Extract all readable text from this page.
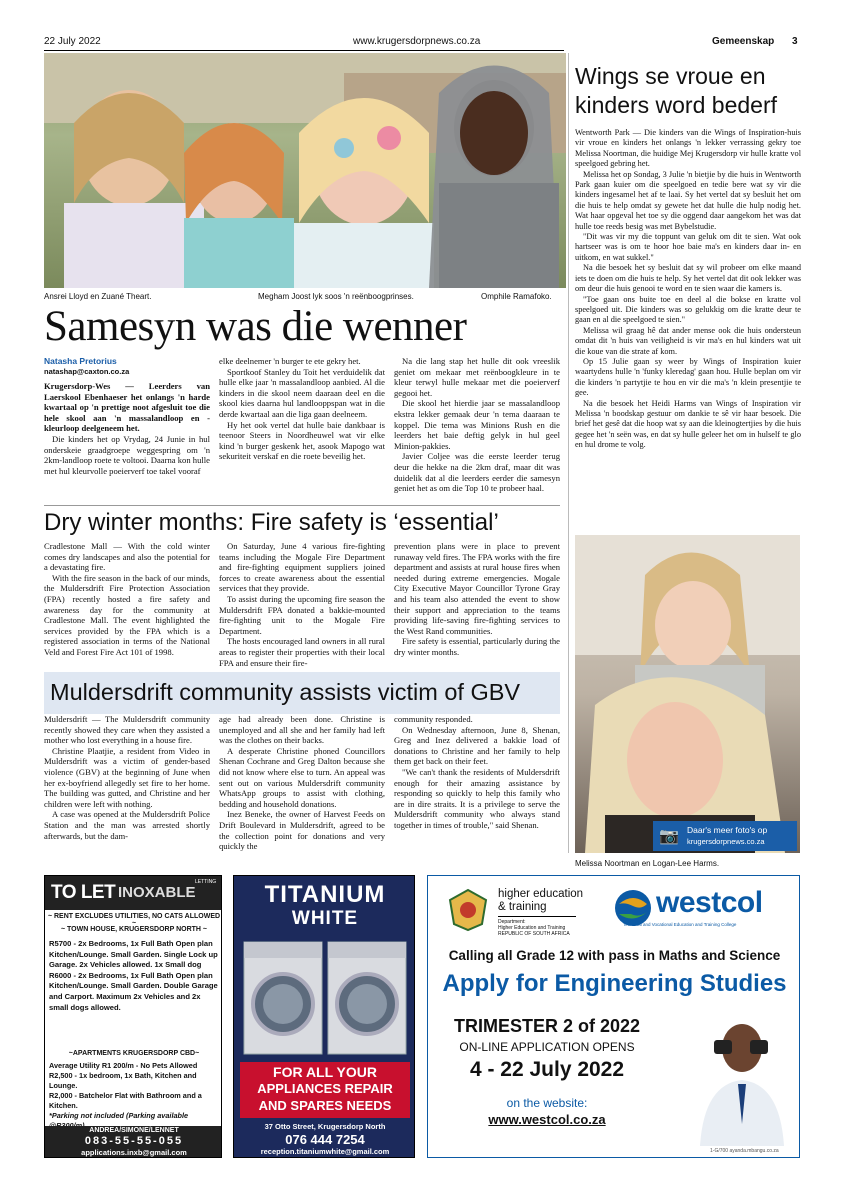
22 July 2022	www.krugersdorpnews.co.za	Gemeenskap 3
Ansrei Lloyd en Zuané Theart.	Megham Joost lyk soos 'n reënboogprinses.	Omphile Ramafoko.
Samesyn was die wenner
Natasha Pretorius
natashap@caxton.co.za

Krugersdorp-Wes — Leerders van Laerskool Ebenhaeser het onlangs 'n harde kwartaal op 'n prettige noot afgesluit toe die hele skool aan 'n massalandloop en -kleurloop deelgeneem het.

Die kinders het op Vrydag, 24 Junie in hul onderskeie graadgroepe weggespring om 'n 2km-landloop roete te voltooi. Daarna kon hulle met hul kleurvolle poeierverf toe takel vooraf

elke deelnemer 'n burger te ete gekry het.

Sportkoof Stanley du Toit het verduidelik dat hulle elke jaar 'n massalandloop aanbied. Al die kinders in die skool neem daaraan deel en die skool kies daarna hul landlooppspan wat in die derde kwartaal aan die liga gaan deelneem.

Hy het ook vertel dat hulle baie dankbaar is teenoor Steers in Noordheuwel wat vir elke kind 'n burger geskenk het, asook Mapogo wat sekuriteit verskaf en die roete beveilig het.

Na die lang stap het hulle dit ook vreeslik geniet om mekaar met reënboogkleure in te kleur terwyl hulle mekaar met die poeierverf gegooi het.

Die skool het hierdie jaar se massalandloop ekstra lekker gemaak deur 'n tema daaraan te koppel. Die tema was Minions Rush en die leerders het baie deftig gelyk in hul geel Minion-pakkies.

Javier Coljee was die eerste leerder terug deur die hekke na die 2km draf, maar dit was duidelik dat al die leerders eerder die samesyn geniet het as om die Top 10 te probeer haal.

Dry winter months: Fire safety is ‘essential’

Cradlestone Mall — With the cold winter comes dry landscapes and also the potential for a devastating fire.

With the fire season in the back of our minds, the Muldersdrift Fire Protection Association (FPA) recently hosted a fire safety and awareness day for the community at Cradlestone Mall. The event highlighted the services provided by the FPA which is a registered association in terms of the National Veld and Forest Fire Act 101 of 1998.

On Saturday, June 4 various fire-fighting teams including the Mogale Fire Department and fire-fighting equipment suppliers joined forces to create awareness about the essential services that they provide.

To assist during the upcoming fire season the Muldersdrift FPA donated a bakkie-mounted fire-fighting unit to the Mogale Fire Department.

The hosts encouraged land owners in all rural areas to register their properties with their local FPA and ensure their fire-

prevention plans were in place to prevent runaway veld fires. The FPA works with the fire department and assists at rural house fires when needed during extreme emergencies. Mogale City Executive Mayor Councillor Tyrone Gray and his team also attended the event to show their support and appreciation to the teams providing life-saving fire-fighting services to the West Rand communities.

Fire safety is essential, particularly during the dry winter months.

Muldersdrift community assists victim of GBV

Muldersdrift — The Muldersdrift community recently showed they care when they assisted a mother who lost everything in a house fire.

Christine Plaatjie, a resident from Video in Muldersdrift was a victim of gender-based violence (GBV) at the beginning of June when her ex-boyfriend allegedly set fire to her home. The building was gutted, and Christine and her children were left with nothing.

A case was opened at the Muldersdrift Police Station and the man was arrested shortly afterwards, but the dam-

age had already been done. Christine is unemployed and all she and her family had left was the clothes on their backs.

A desperate Christine phoned Councillors Shenan Cochrane and Greg Dalton because she did not know where else to turn. An appeal was sent out on various Muldersdrift community WhatsApp groups to assist with clothing, bedding and household donations.

Inez Beneke, the owner of Harvest Feeds on Drift Boulevard in Muldersdrift, agreed to be the collection point for donations and very quickly the

community responded.

On Wednesday afternoon, June 8, Shenan, Greg and Inez delivered a bakkie load of donations to Christine and her family to help them get back on their feet.

"We can't thank the residents of Muldersdrift enough for their amazing assistance by responding so quickly to help this family who are in dire straits. It is a privilege to serve the Muldersdrift community who always stand together in times of trouble," said Shenan.

Wings se vroue en kinders word bederf

Wentworth Park — Die kinders van die Wings of Inspiration-huis vir vroue en kinders het onlangs 'n lekker verrassing gekry toe Melissa Noortman, die huidige Mej Krugersdorp vir hulle kratte vol speelgoed gebring het.

Melissa het op Sondag, 3 Julie 'n bietjie by die huis in Wentworth Park gaan kuier om die speelgoed en tedie bere wat sy vir die kinders ingesamel het af te laai. Sy het vertel dat sy besluit het om die huis te help omdat sy gewete het dat hulle die hulp nodig het. Wat haar opgeval het toe sy die oggend daar aangekom het was dat hulle toe reeds besig was met Bybelstudie.

"Dit was vir my die toppunt van geluk om dit te sien. Wat ook hartseer was is om te hoor hoe baie ma's en kinders daar in- en uitkom, en wat sukkel."

Na die besoek het sy besluit dat sy wil probeer om elke maand iets te doen om die huis te help. Sy het vertel dat dit ook lekker was om deur die huis genooi te word en te sien waar die kamers is.

"Toe gaan ons buite toe en deel al die bokse en kratte vol speelgoed uit. Die kinders was so gelukkig om die kratte deur te gaan en al die speelgoed te sien."

Melissa wil graag hê dat ander mense ook die huis ondersteun omdat dit 'n huis van veiligheid is vir ma's en hul kinders wat uit die koue van die strate af kom.

Op 15 Julie gaan sy weer by Wings of Inspiration kuier waartydens hulle 'n 'funky kleredag' gaan hou. Hulle beplan om vir die kinders 'n partytjie te hou en vir die ma's 'n klein presentjie te gee.

Na die besoek het Heidi Harms van Wings of Inspiration vir Melissa 'n boodskap gestuur om dankie te sê vir haar besoek. Die brief het gesê dat die hoop wat sy aan die kleinogtertjies by die huis gegee het 'n seën was, en dat sy hulle geleer het om in hulself te glo en hul drome te volg.

📷 Daar's meer foto's op
krugersdorpnews.co.za
Melissa Noortman en Logan-Lee Harms.
TO LET INOXABLE
LETTING
~ RENT EXCLUDES UTILITIES, NO CATS ALLOWED ~
~ TOWN HOUSE, KRUGERSDORP NORTH ~
R5700 - 2x Bedrooms, 1x Full Bath Open plan Kitchen/Lounge. Small Garden. Single Lock up Garage. 2x Vehicles allowed. 1x Small dog
R6000 - 2x Bedrooms, 1x Full Bath Open plan Kitchen/Lounge. Small Garden. Double Garage and Carport. Maximum 2x Vehicles and 2x small dogs allowed.
~APARTMENTS KRUGERSDORP CBD~
Average Utility R1 200/m - No Pets Allowed
R2,500 - 1x bedroom, 1x Bath, Kitchen and Lounge.
R2,000 - Batchelor Flat with Bathroom and a Kitchen.
*Parking not included (Parking available
ANDREA/SIMONE/LENNET
083-55-55-055
applications.inxb@gmail.com
TITANIUM
WHITE
FOR ALL YOUR
APPLIANCES REPAIR
AND SPARES NEEDS
37 Otto Street, Krugersdorp North
076 444 7254
reception.titaniumwhite@gmail.com
higher education
& training
Department:
Higher Education and Training
REPUBLIC OF SOUTH AFRICA
westcol
Technical and Vocational Education and Training College
Calling all Grade 12 with pass in Maths and Science
Apply for Engineering Studies
TRIMESTER 2 of 2022
ON-LINE APPLICATION OPENS
4 - 22 July 2022
on the website:
www.westcol.co.za
1-G/700 ayanda.mbangu.co.za
